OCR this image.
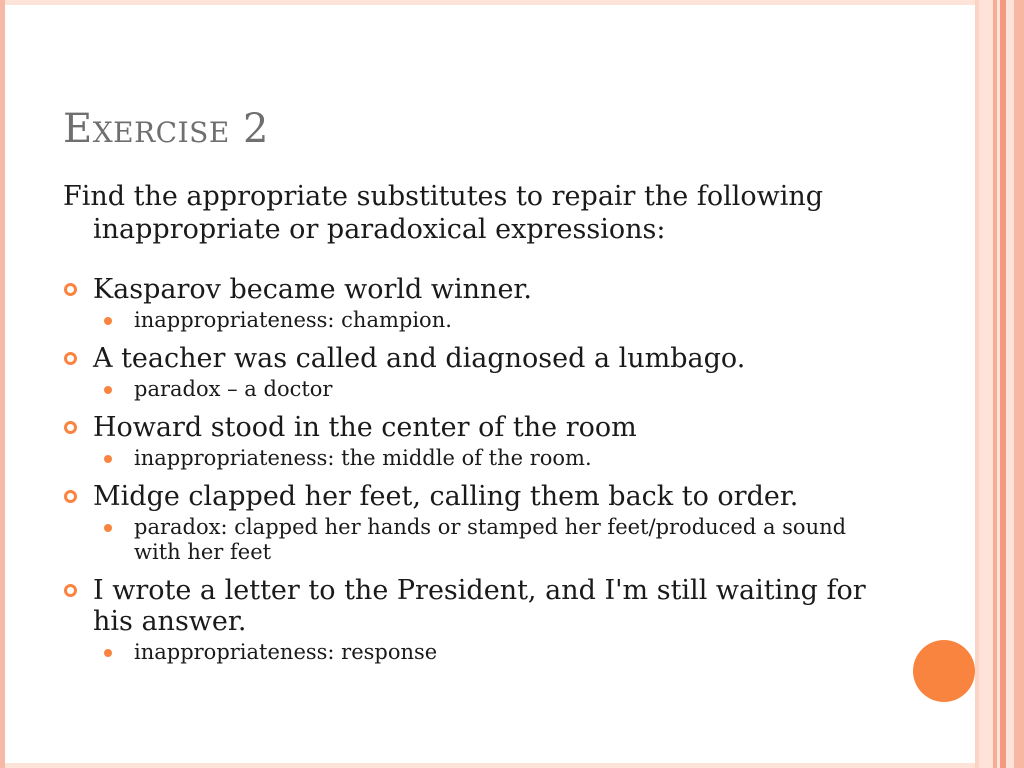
Exercise 2

Find the appropriate substitutes to repair the following inappropriate or paradoxical expressions:

Kasparov became world winner.
inappropriateness: champion.
A teacher was called and diagnosed a lumbago.
paradox – a doctor
Howard stood in the center of the room
inappropriateness: the middle of the room.
Midge clapped her feet, calling them back to order.
paradox: clapped her hands or stamped her feet/produced a sound with her feet
I wrote a letter to the President, and I'm still waiting for his answer.
inappropriateness: response
